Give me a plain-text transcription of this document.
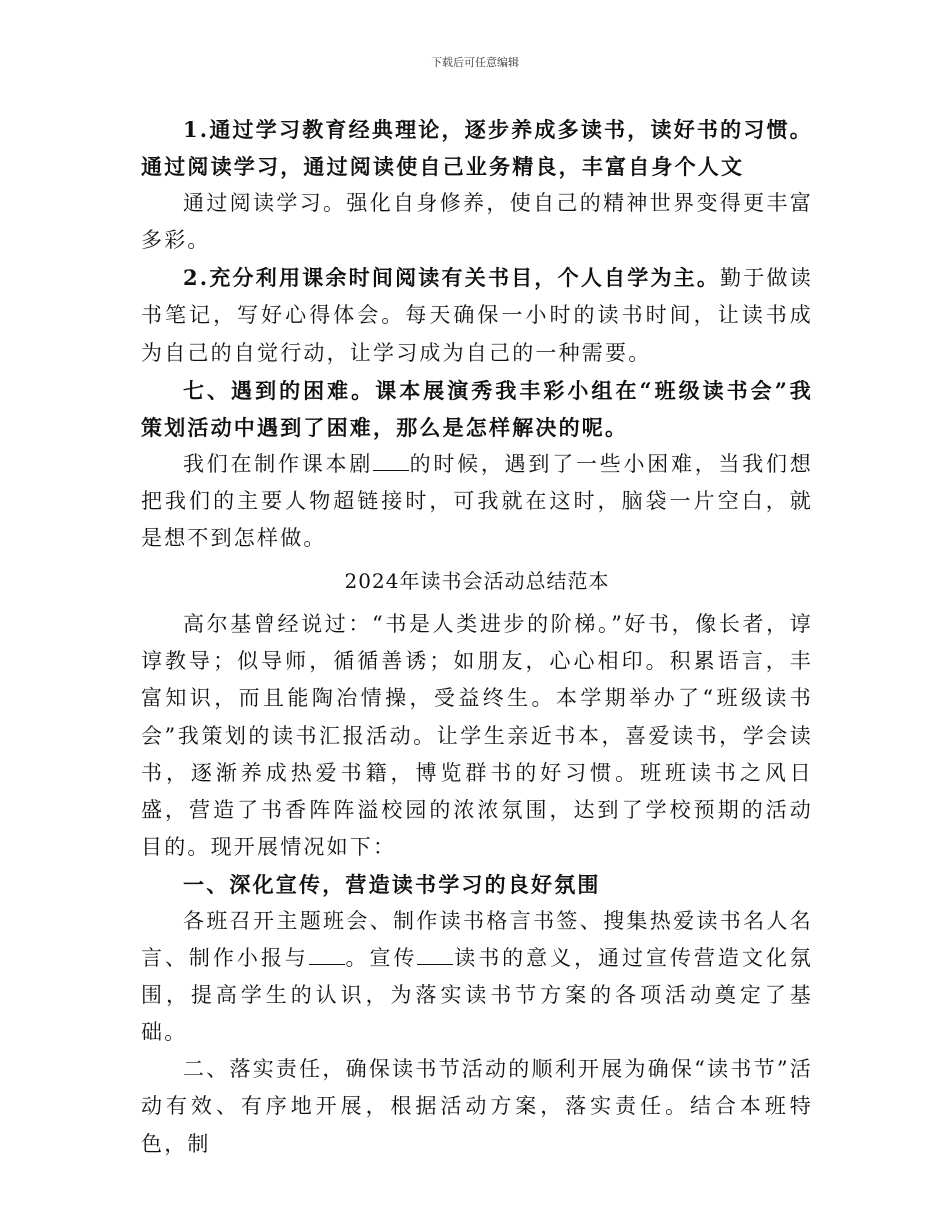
下载后可任意编辑

1.通过学习教育经典理论，逐步养成多读书，读好书的习惯。通过阅读学习，通过阅读使自己业务精良，丰富自身个人文

通过阅读学习。强化自身修养，使自己的精神世界变得更丰富多彩。

2.充分利用课余时间阅读有关书目，个人自学为主。勤于做读书笔记，写好心得体会。每天确保一小时的读书时间，让读书成为自己的自觉行动，让学习成为自己的一种需要。

七、遇到的困难。课本展演秀我丰彩小组在“班级读书会”我策划活动中遇到了困难，那么是怎样解决的呢。

我们在制作课本剧 的时候，遇到了一些小困难，当我们想把我们的主要人物超链接时，可我就在这时，脑袋一片空白，就是想不到怎样做。

2024年读书会活动总结范本

高尔基曾经说过：“书是人类进步的阶梯。”好书，像长者，谆谆教导；似导师，循循善诱；如朋友，心心相印。积累语言，丰富知识，而且能陶冶情操，受益终生。本学期举办了“班级读书会”我策划的读书汇报活动。让学生亲近书本，喜爱读书，学会读书，逐渐养成热爱书籍，博览群书的好习惯。班班读书之风日盛，营造了书香阵阵溢校园的浓浓氛围，达到了学校预期的活动目的。现开展情况如下：

一、深化宣传，营造读书学习的良好氛围

各班召开主题班会、制作读书格言书签、搜集热爱读书名人名言、制作小报与 。宣传 读书的意义，通过宣传营造文化氛围，提高学生的认识，为落实读书节方案的各项活动奠定了基础。

二、落实责任，确保读书节活动的顺利开展为确保“读书节”活动有效、有序地开展，根据活动方案，落实责任。结合本班特色，制
